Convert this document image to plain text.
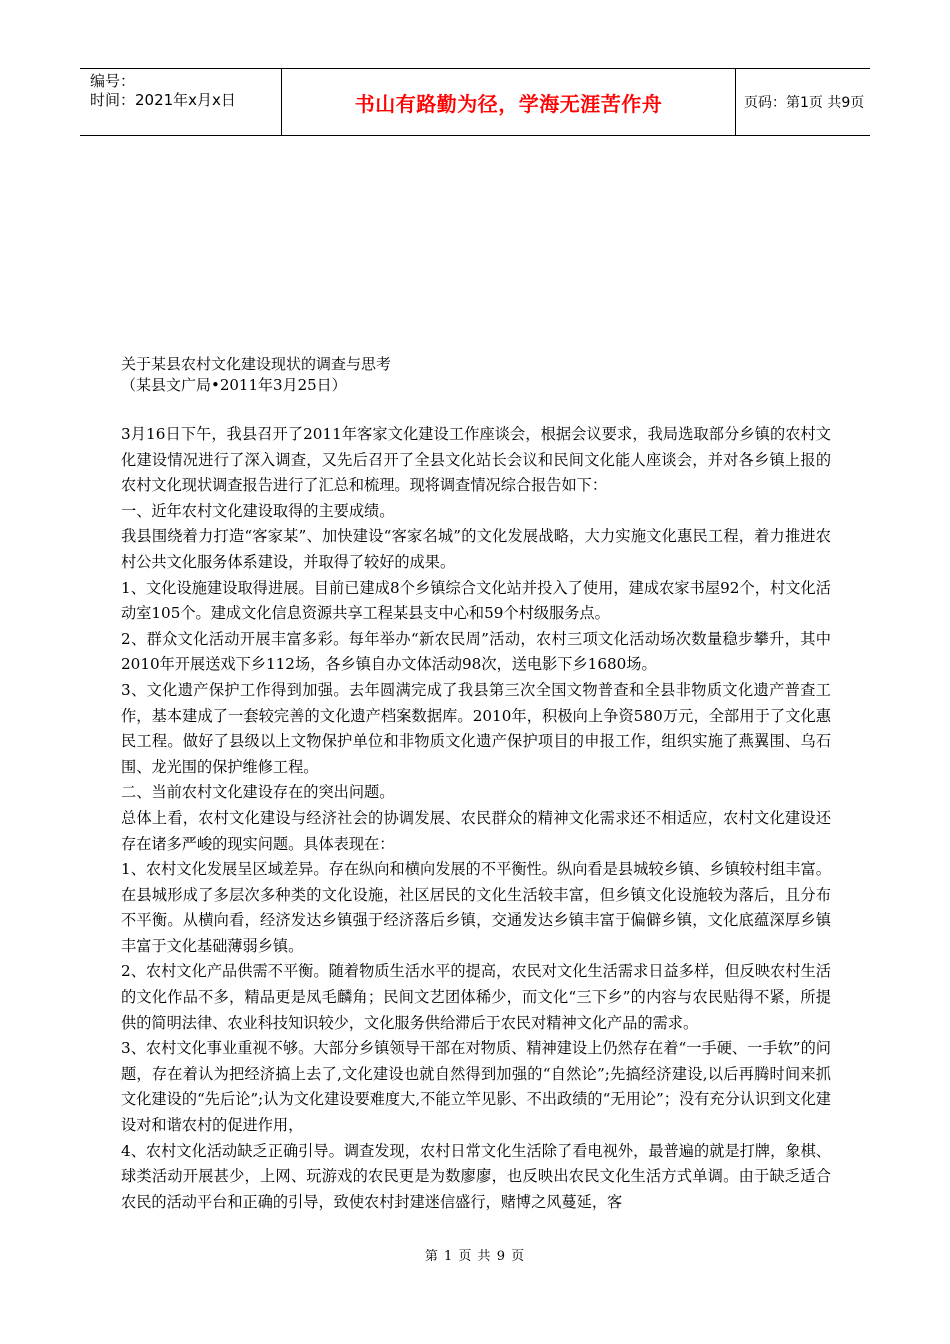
编号：
时间：2021年x月x日	书山有路勤为径，学海无涯苦作舟	页码：第1页 共9页
关于某县农村文化建设现状的调查与思考
（某县文广局•2011年3月25日）

3月16日下午，我县召开了2011年客家文化建设工作座谈会，根据会议要求，我局选取部分乡镇的农村文化建设情况进行了深入调查，又先后召开了全县文化站长会议和民间文化能人座谈会，并对各乡镇上报的农村文化现状调查报告进行了汇总和梳理。现将调查情况综合报告如下：

一、近年农村文化建设取得的主要成绩。

我县围绕着力打造“客家某”、加快建设“客家名城”的文化发展战略，大力实施文化惠民工程，着力推进农村公共文化服务体系建设，并取得了较好的成果。

1、文化设施建设取得进展。目前已建成8个乡镇综合文化站并投入了使用，建成农家书屋92个，村文化活动室105个。建成文化信息资源共享工程某县支中心和59个村级服务点。

2、群众文化活动开展丰富多彩。每年举办“新农民周”活动，农村三项文化活动场次数量稳步攀升，其中2010年开展送戏下乡112场，各乡镇自办文体活动98次，送电影下乡1680场。

3、文化遗产保护工作得到加强。去年圆满完成了我县第三次全国文物普查和全县非物质文化遗产普查工作，基本建成了一套较完善的文化遗产档案数据库。2010年，积极向上争资580万元，全部用于了文化惠民工程。做好了县级以上文物保护单位和非物质文化遗产保护项目的申报工作，组织实施了燕翼围、乌石围、龙光围的保护维修工程。

二、当前农村文化建设存在的突出问题。

总体上看，农村文化建设与经济社会的协调发展、农民群众的精神文化需求还不相适应，农村文化建设还存在诸多严峻的现实问题。具体表现在：

1、农村文化发展呈区域差异。存在纵向和横向发展的不平衡性。纵向看是县城较乡镇、乡镇较村组丰富。在县城形成了多层次多种类的文化设施，社区居民的文化生活较丰富，但乡镇文化设施较为落后，且分布不平衡。从横向看，经济发达乡镇强于经济落后乡镇，交通发达乡镇丰富于偏僻乡镇，文化底蕴深厚乡镇丰富于文化基础薄弱乡镇。

2、农村文化产品供需不平衡。随着物质生活水平的提高，农民对文化生活需求日益多样，但反映农村生活的文化作品不多，精品更是凤毛麟角；民间文艺团体稀少，而文化“三下乡”的内容与农民贴得不紧，所提供的简明法律、农业科技知识较少，文化服务供给滞后于农民对精神文化产品的需求。

3、农村文化事业重视不够。大部分乡镇领导干部在对物质、精神建设上仍然存在着“一手硬、一手软”的问题，存在着认为把经济搞上去了,文化建设也就自然得到加强的“自然论”;先搞经济建设,以后再腾时间来抓文化建设的“先后论”;认为文化建设要难度大,不能立竿见影、不出政绩的“无用论”；没有充分认识到文化建设对和谐农村的促进作用，

4、农村文化活动缺乏正确引导。调查发现，农村日常文化生活除了看电视外，最普遍的就是打牌，象棋、球类活动开展甚少，上网、玩游戏的农民更是为数廖廖，也反映出农民文化生活方式单调。由于缺乏适合农民的活动平台和正确的引导，致使农村封建迷信盛行，赌博之风蔓延，客

第 1 页 共 9 页
